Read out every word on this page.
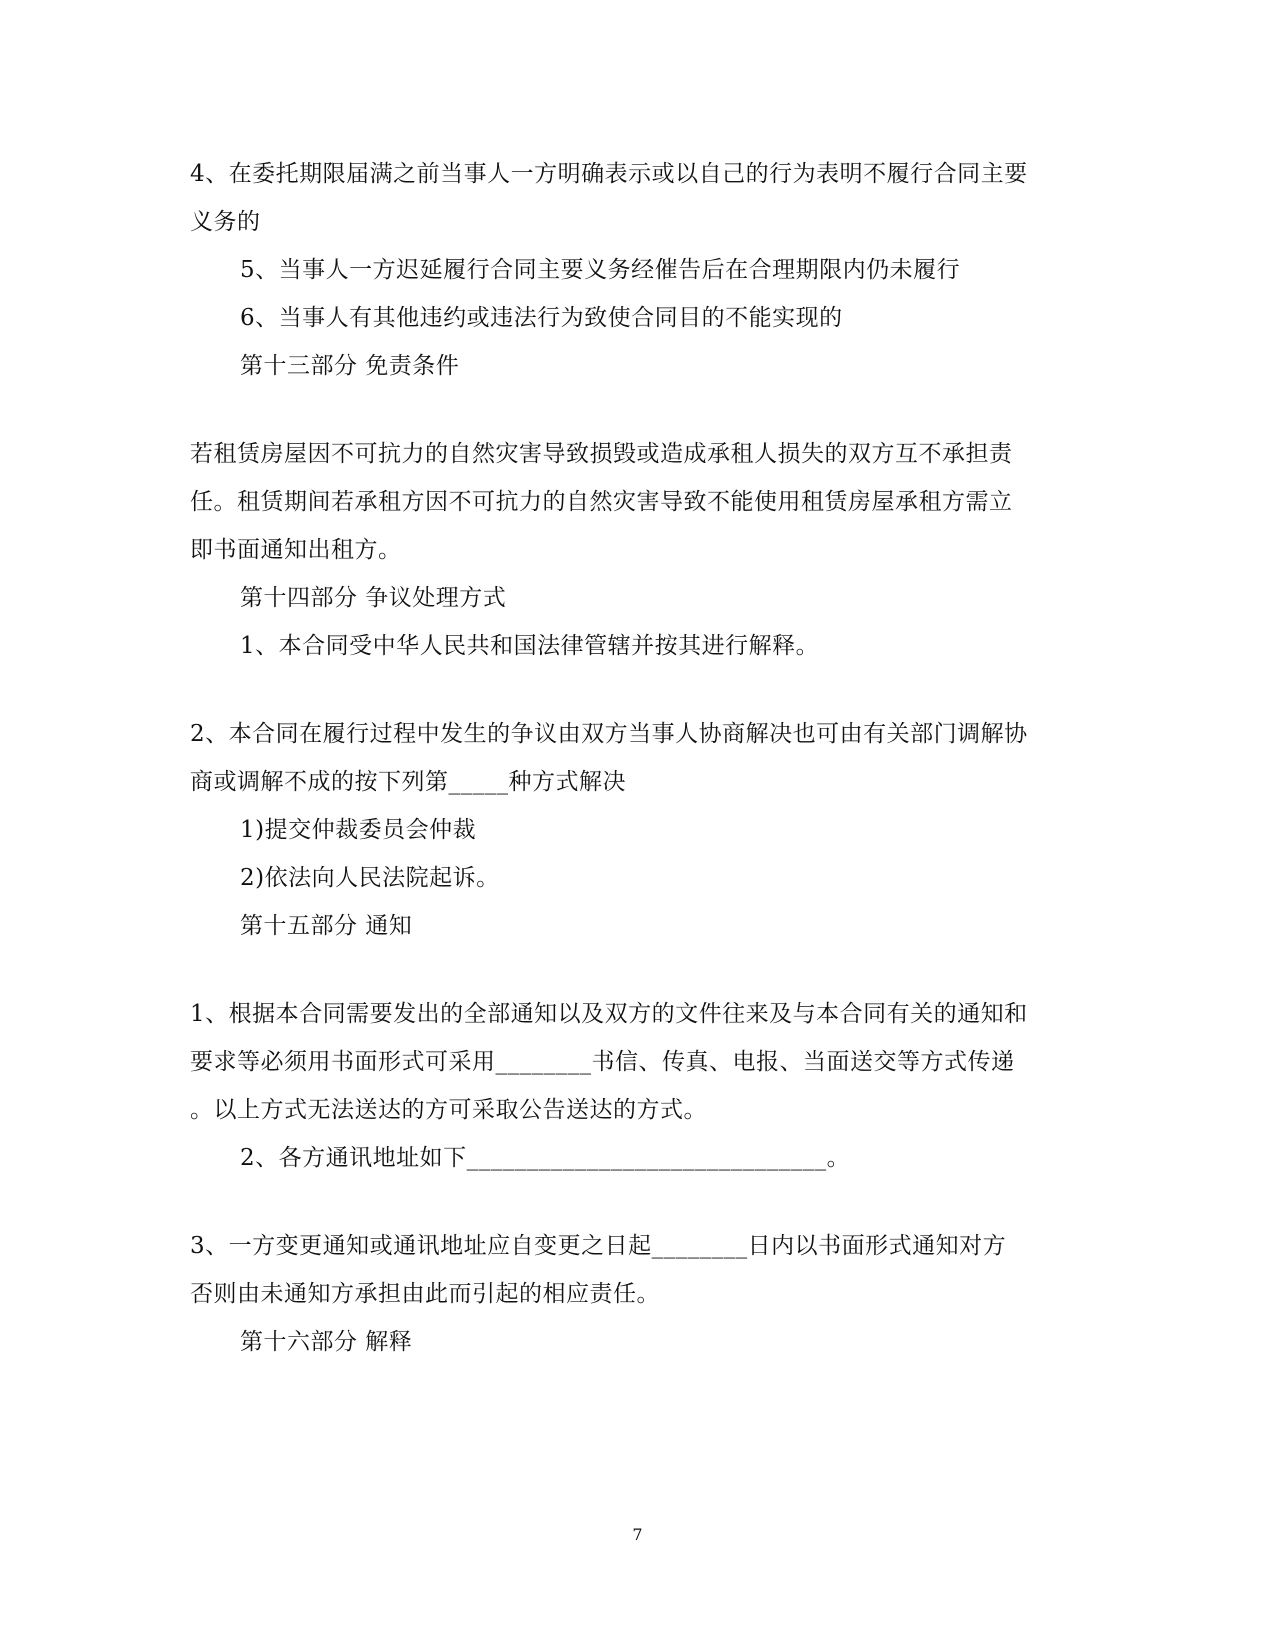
4、在委托期限届满之前当事人一方明确表示或以自己的行为表明不履行合同主要
义务的
5、当事人一方迟延履行合同主要义务经催告后在合理期限内仍未履行
6、当事人有其他违约或违法行为致使合同目的不能实现的
第十三部分 免责条件
若租赁房屋因不可抗力的自然灾害导致损毁或造成承租人损失的双方互不承担责
任。租赁期间若承租方因不可抗力的自然灾害导致不能使用租赁房屋承租方需立
即书面通知出租方。
第十四部分 争议处理方式
1、本合同受中华人民共和国法律管辖并按其进行解释。
2、本合同在履行过程中发生的争议由双方当事人协商解决也可由有关部门调解协
商或调解不成的按下列第_____种方式解决
1)提交仲裁委员会仲裁
2)依法向人民法院起诉。
第十五部分 通知
1、根据本合同需要发出的全部通知以及双方的文件往来及与本合同有关的通知和
要求等必须用书面形式可采用________书信、传真、电报、当面送交等方式传递
。以上方式无法送达的方可采取公告送达的方式。
2、各方通讯地址如下______________________________。
3、一方变更通知或通讯地址应自变更之日起________日内以书面形式通知对方
否则由未通知方承担由此而引起的相应责任。
第十六部分 解释
7
